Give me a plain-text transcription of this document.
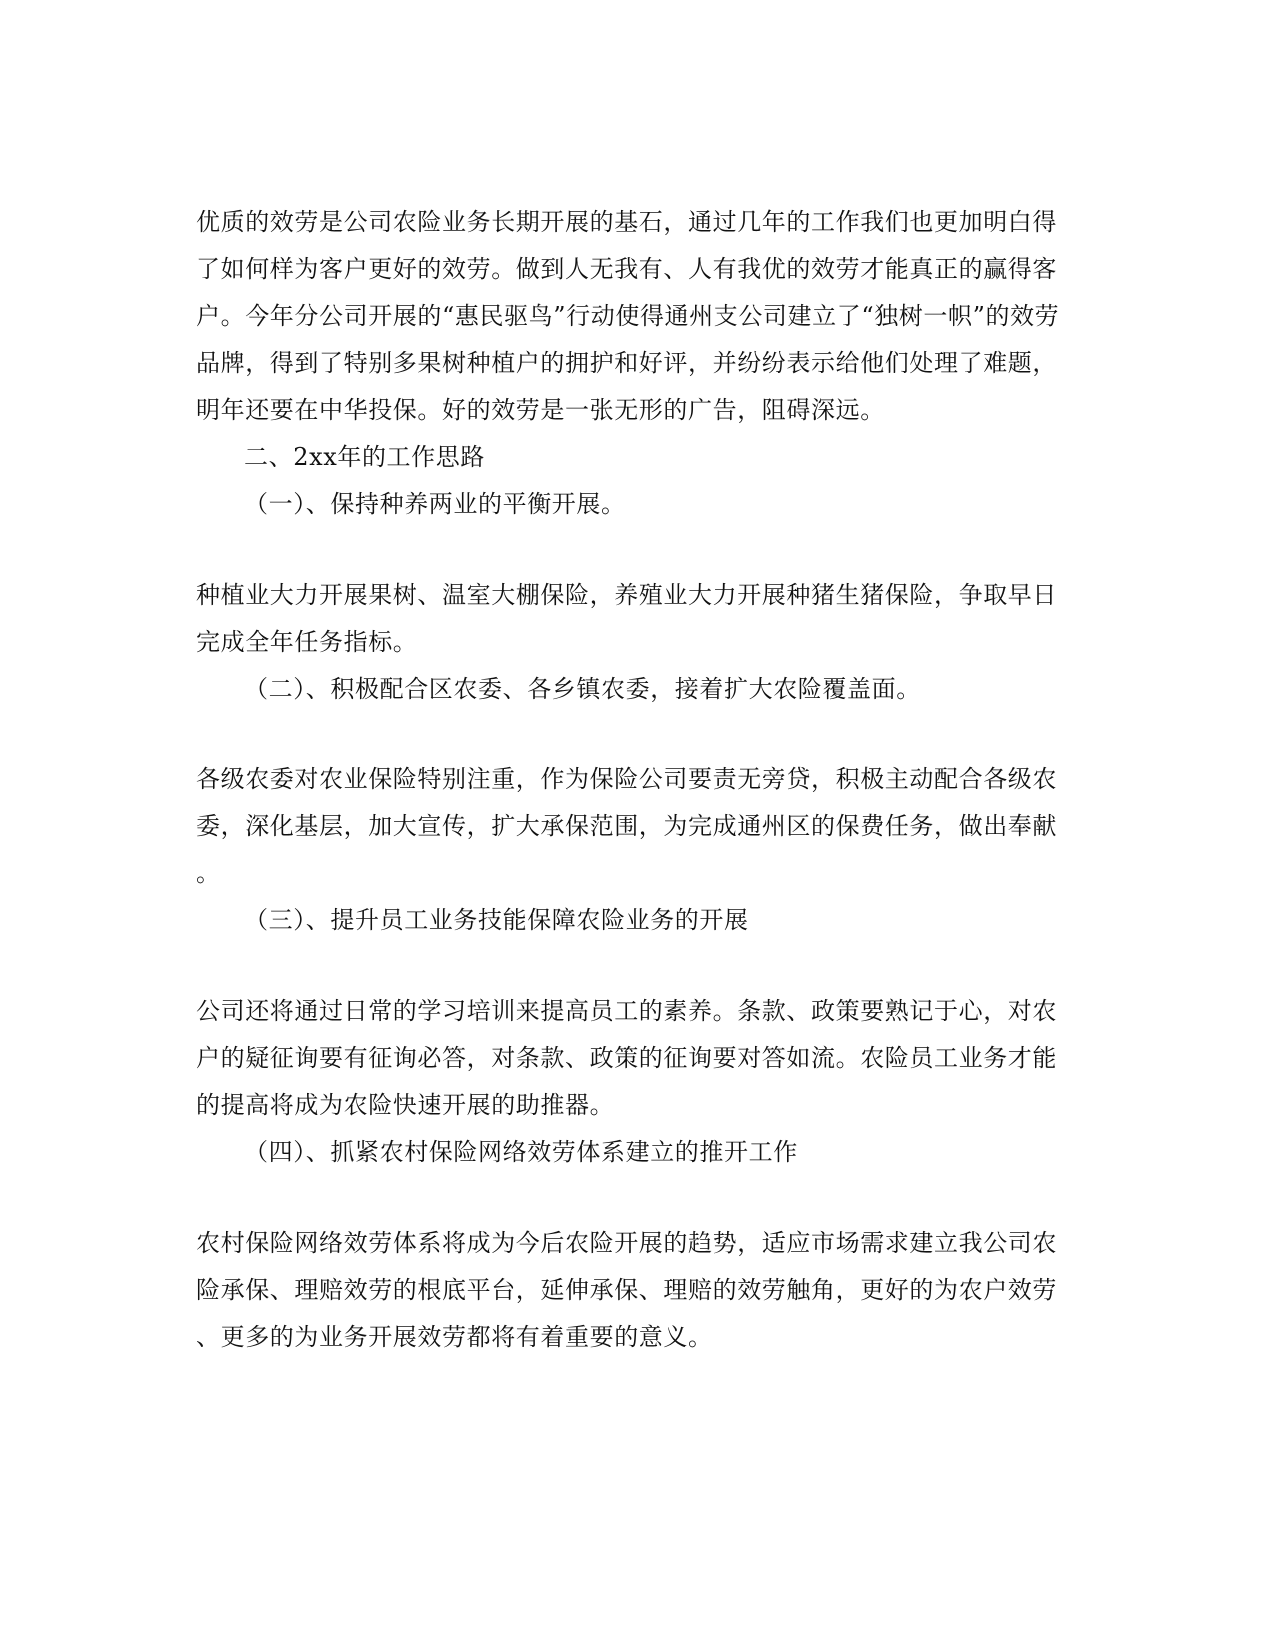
优质的效劳是公司农险业务长期开展的基石，通过几年的工作我们也更加明白得
了如何样为客户更好的效劳。做到人无我有、人有我优的效劳才能真正的赢得客
户。今年分公司开展的“惠民驱鸟”行动使得通州支公司建立了“独树一帜”的效劳
品牌，得到了特别多果树种植户的拥护和好评，并纷纷表示给他们处理了难题，
明年还要在中华投保。好的效劳是一张无形的广告，阻碍深远。
二、2xx年的工作思路
（一）、保持种养两业的平衡开展。
种植业大力开展果树、温室大棚保险，养殖业大力开展种猪生猪保险，争取早日
完成全年任务指标。
（二）、积极配合区农委、各乡镇农委，接着扩大农险覆盖面。
各级农委对农业保险特别注重，作为保险公司要责无旁贷，积极主动配合各级农
委，深化基层，加大宣传，扩大承保范围，为完成通州区的保费任务，做出奉献
。
（三）、提升员工业务技能保障农险业务的开展
公司还将通过日常的学习培训来提高员工的素养。条款、政策要熟记于心，对农
户的疑征询要有征询必答，对条款、政策的征询要对答如流。农险员工业务才能
的提高将成为农险快速开展的助推器。
（四）、抓紧农村保险网络效劳体系建立的推开工作
农村保险网络效劳体系将成为今后农险开展的趋势，适应市场需求建立我公司农
险承保、理赔效劳的根底平台，延伸承保、理赔的效劳触角，更好的为农户效劳
、更多的为业务开展效劳都将有着重要的意义。
